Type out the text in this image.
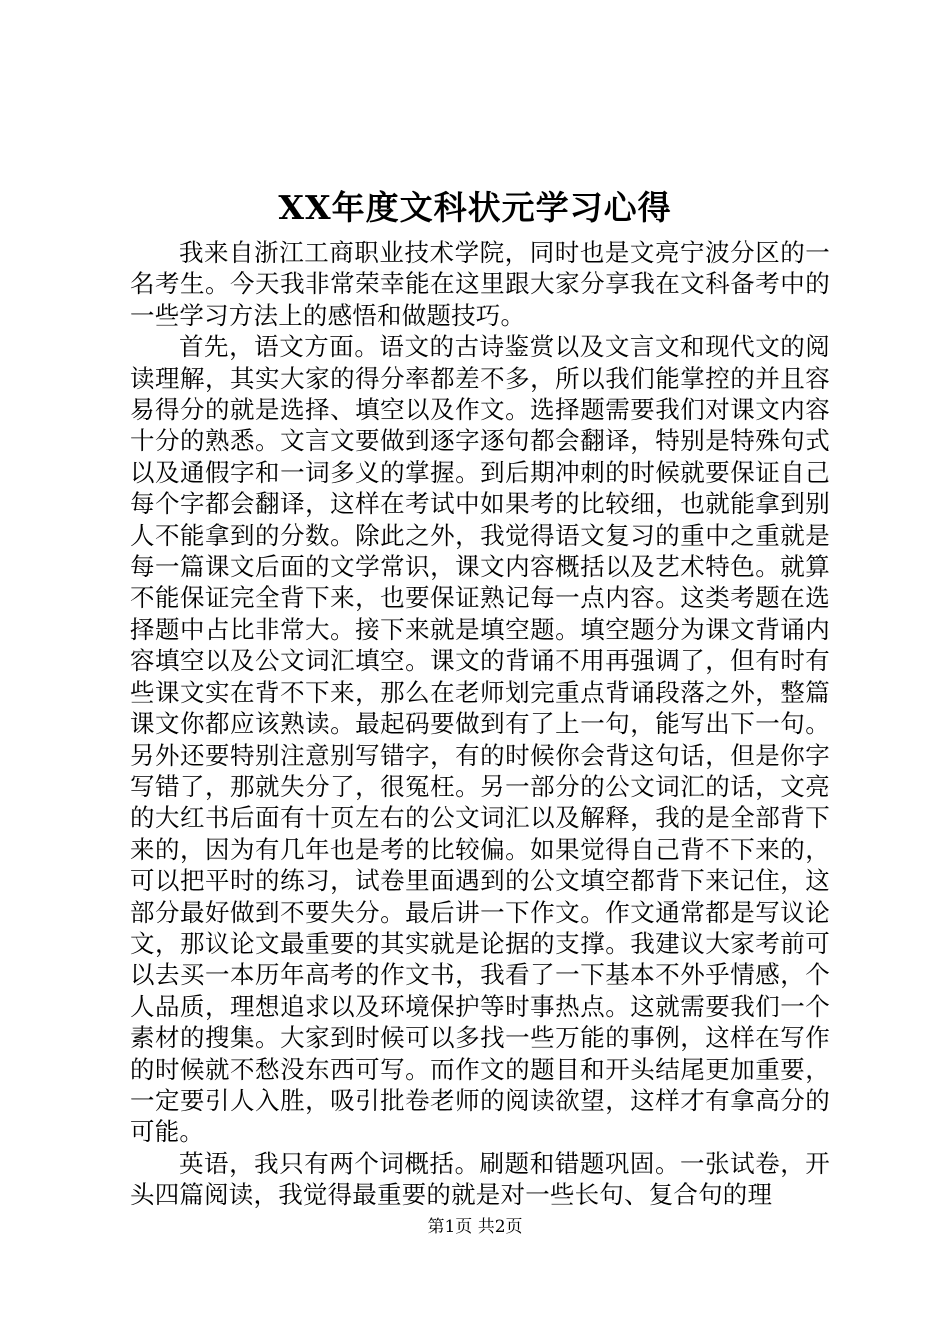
XX年度文科状元学习心得

我来自浙江工商职业技术学院，同时也是文亮宁波分区的一名考生。今天我非常荣幸能在这里跟大家分享我在文科备考中的一些学习方法上的感悟和做题技巧。

首先，语文方面。语文的古诗鉴赏以及文言文和现代文的阅读理解，其实大家的得分率都差不多，所以我们能掌控的并且容易得分的就是选择、填空以及作文。选择题需要我们对课文内容十分的熟悉。文言文要做到逐字逐句都会翻译，特别是特殊句式以及通假字和一词多义的掌握。到后期冲刺的时候就要保证自己每个字都会翻译，这样在考试中如果考的比较细，也就能拿到别人不能拿到的分数。除此之外，我觉得语文复习的重中之重就是每一篇课文后面的文学常识，课文内容概括以及艺术特色。就算不能保证完全背下来，也要保证熟记每一点内容。这类考题在选择题中占比非常大。接下来就是填空题。填空题分为课文背诵内容填空以及公文词汇填空。课文的背诵不用再强调了，但有时有些课文实在背不下来，那么在老师划完重点背诵段落之外，整篇课文你都应该熟读。最起码要做到有了上一句，能写出下一句。另外还要特别注意别写错字，有的时候你会背这句话，但是你字写错了，那就失分了，很冤枉。另一部分的公文词汇的话，文亮的大红书后面有十页左右的公文词汇以及解释，我的是全部背下来的，因为有几年也是考的比较偏。如果觉得自己背不下来的，可以把平时的练习，试卷里面遇到的公文填空都背下来记住，这部分最好做到不要失分。最后讲一下作文。作文通常都是写议论文，那议论文最重要的其实就是论据的支撑。我建议大家考前可以去买一本历年高考的作文书，我看了一下基本不外乎情感，个人品质，理想追求以及环境保护等时事热点。这就需要我们一个素材的搜集。大家到时候可以多找一些万能的事例，这样在写作的时候就不愁没东西可写。而作文的题目和开头结尾更加重要，一定要引人入胜，吸引批卷老师的阅读欲望，这样才有拿高分的可能。

英语，我只有两个词概括。刷题和错题巩固。一张试卷，开头四篇阅读，我觉得最重要的就是对一些长句、复合句的理

第1页 共2页
